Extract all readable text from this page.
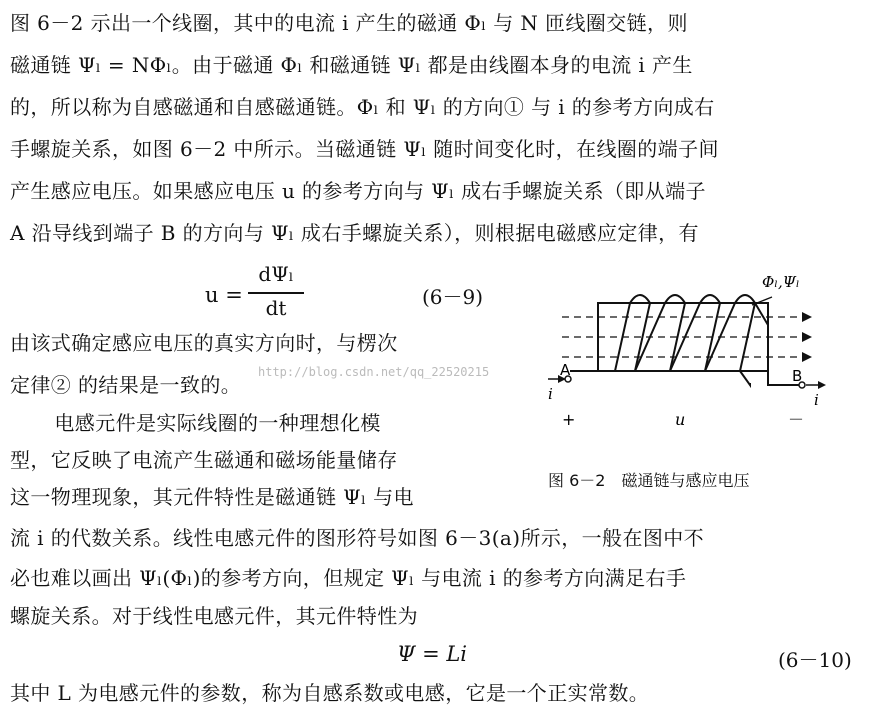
图 6－2 示出一个线圈，其中的电流 i 产生的磁通 Φₗ 与 N 匝线圈交链，则
磁通链 Ψₗ = NΦₗ。由于磁通 Φₗ 和磁通链 Ψₗ 都是由线圈本身的电流 i 产生
的，所以称为自感磁通和自感磁通链。Φₗ 和 Ψₗ 的方向① 与 i 的参考方向成右
手螺旋关系，如图 6－2 中所示。当磁通链 Ψₗ 随时间变化时，在线圈的端子间
产生感应电压。如果感应电压 u 的参考方向与 Ψₗ 成右手螺旋关系（即从端子
A 沿导线到端子 B 的方向与 Ψₗ 成右手螺旋关系），则根据电磁感应定律，有
u =
dΨₗ
dt	(6－9)
由该式确定感应电压的真实方向时，与楞次
定律② 的结果是一致的。
　电感元件是实际线圈的一种理想化模
型，它反映了电流产生磁通和磁场能量储存
这一物理现象，其元件特性是磁通链 Ψₗ 与电
Φₗ,Ψₗ
A	B
i	i
+	u	－
http://blog.csdn.net/qq_22520215
图 6－2　磁通链与感应电压
流 i 的代数关系。线性电感元件的图形符号如图 6－3(a)所示，一般在图中不
必也难以画出 Ψₗ(Φₗ)的参考方向，但规定 Ψₗ 与电流 i 的参考方向满足右手
螺旋关系。对于线性电感元件，其元件特性为
Ψ = Li	(6－10)
其中 L 为电感元件的参数，称为自感系数或电感，它是一个正实常数。
